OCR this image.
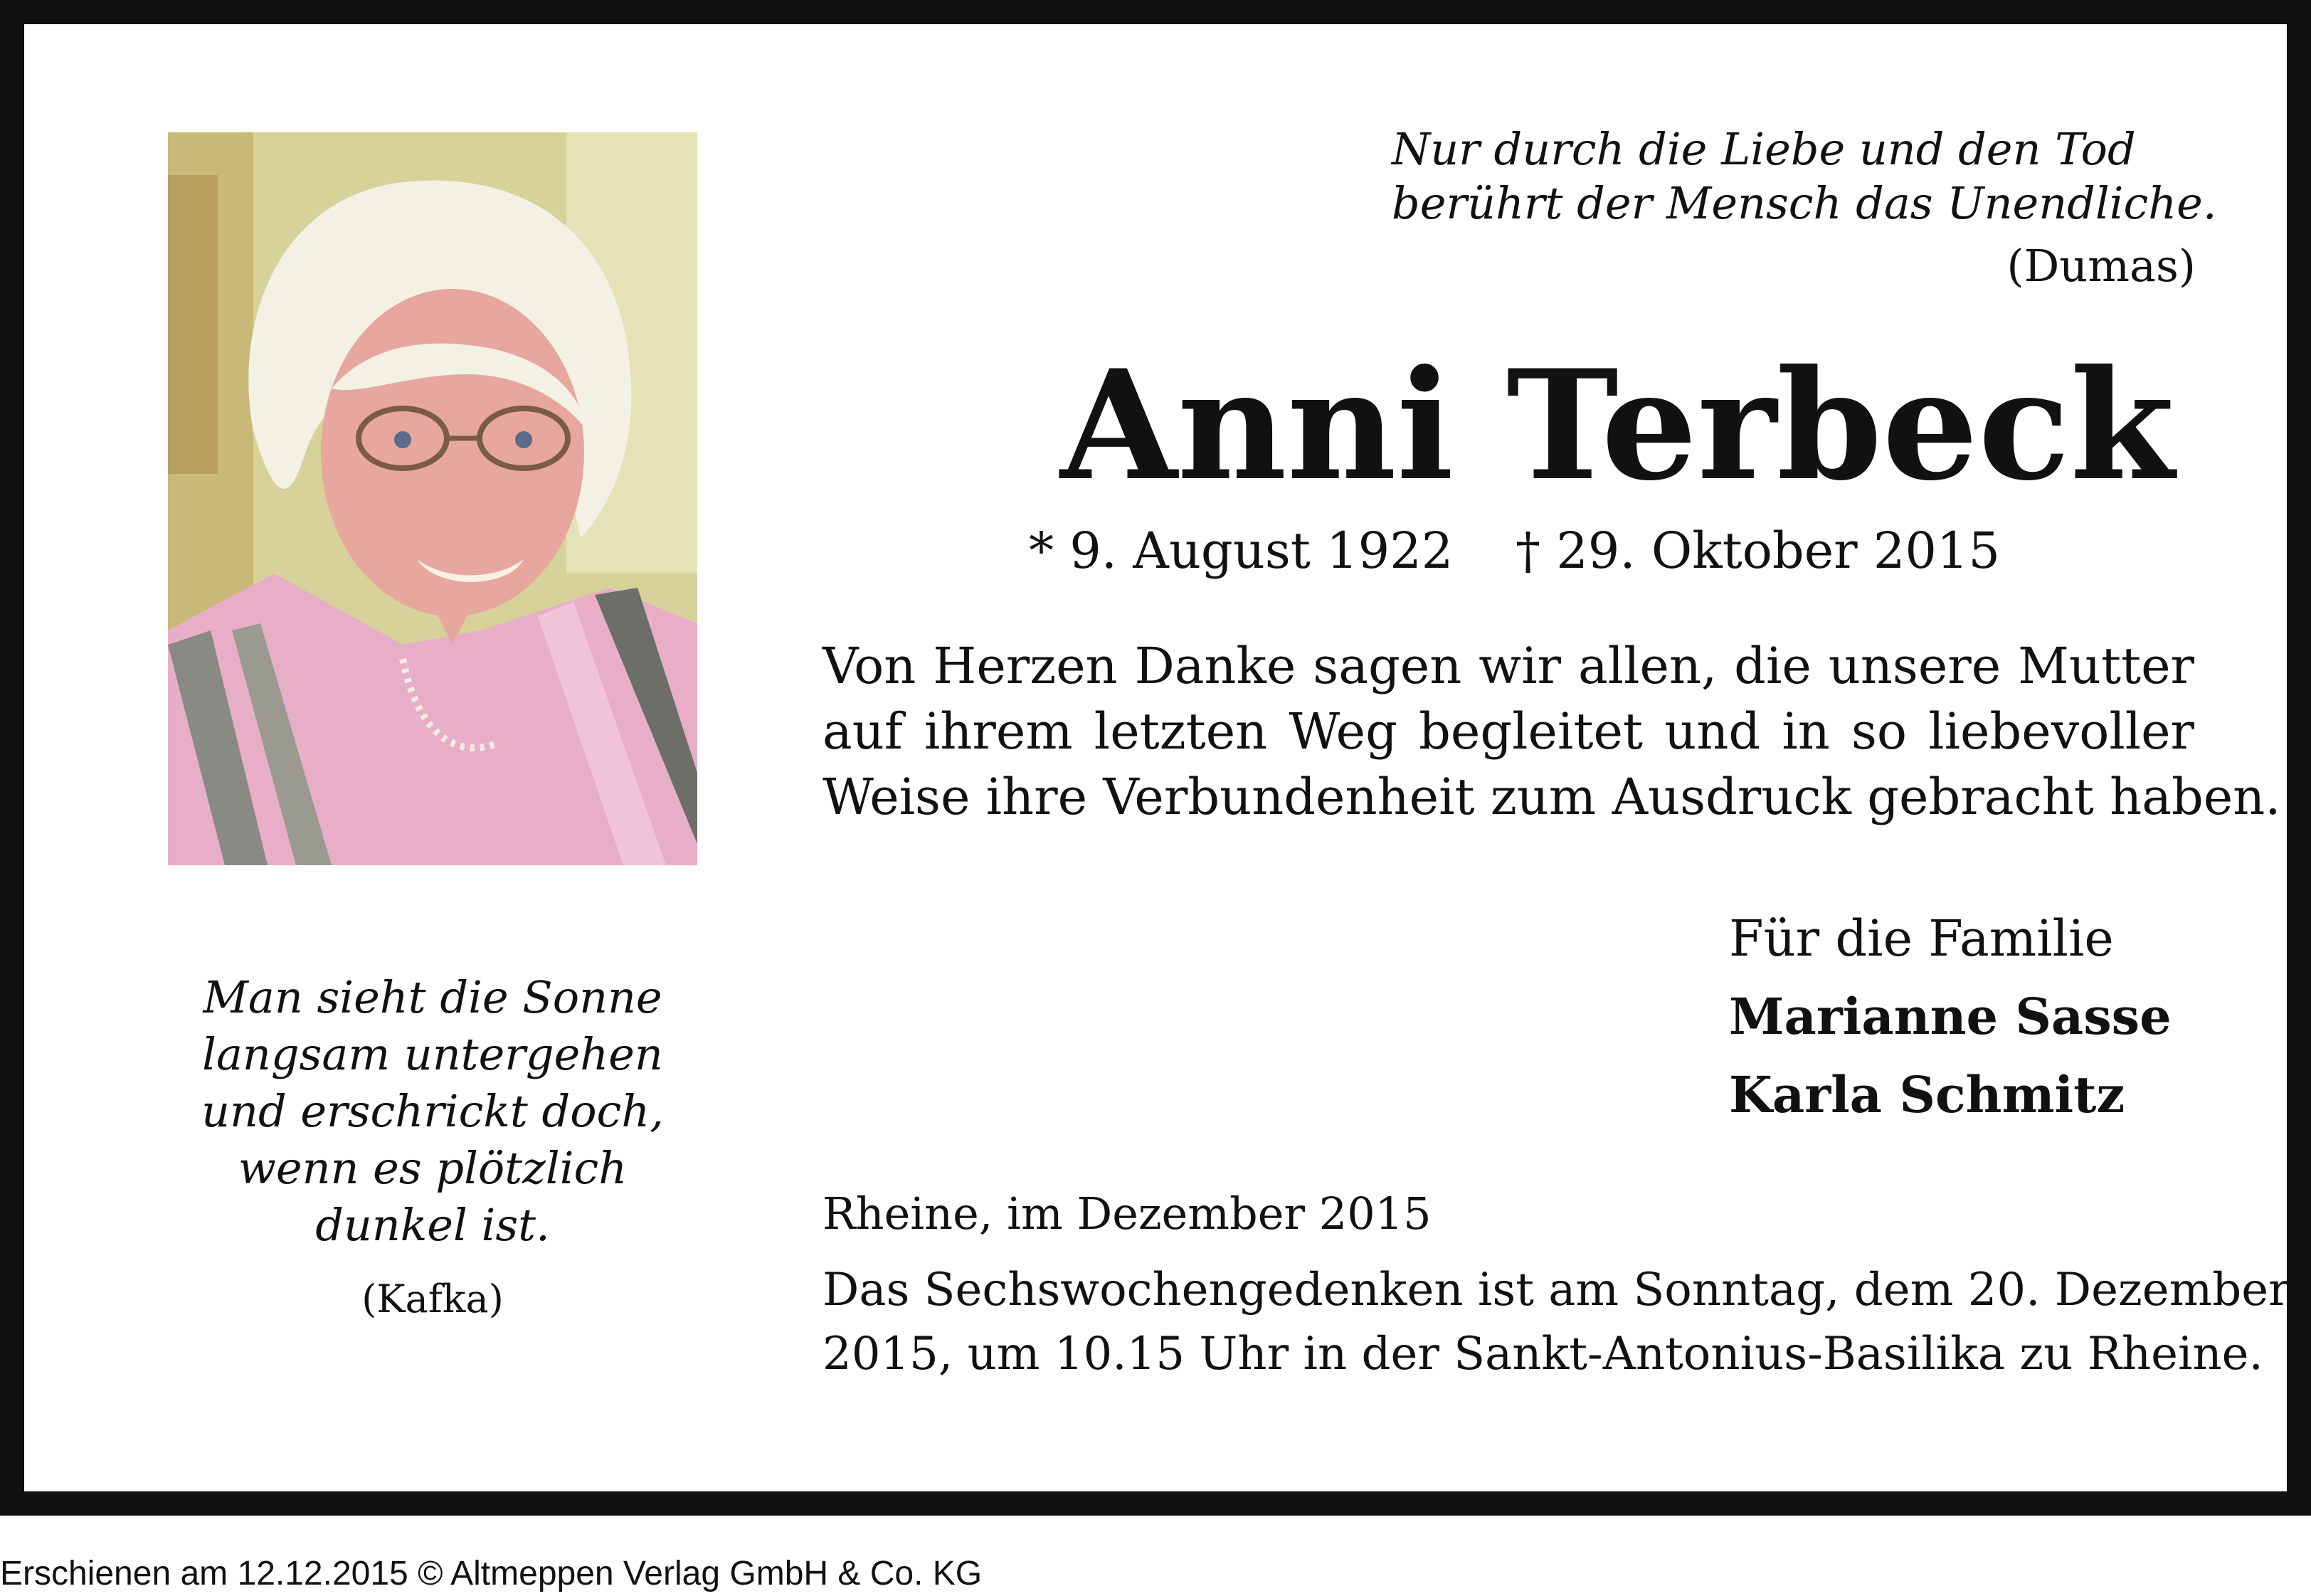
Nur durch die Liebe und den Tod
berührt der Mensch das Unendliche.
(Dumas)
Anni Terbeck
* 9. August 1922 † 29. Oktober 2015
Von Herzen Danke sagen wir allen, die unsere Mutter
auf ihrem letzten Weg begleitet und in so liebevoller
Weise ihre Verbundenheit zum Ausdruck gebracht haben.
Für die Familie
Marianne Sasse
Karla Schmitz
Man sieht die Sonne
langsam untergehen
und erschrickt doch,
wenn es plötzlich
dunkel ist.
(Kafka)
Rheine, im Dezember 2015
Das Sechswochengedenken ist am Sonntag, dem 20. Dezember
2015, um 10.15 Uhr in der Sankt-Antonius-Basilika zu Rheine.
Erschienen am 12.12.2015 © Altmeppen Verlag GmbH & Co. KG
